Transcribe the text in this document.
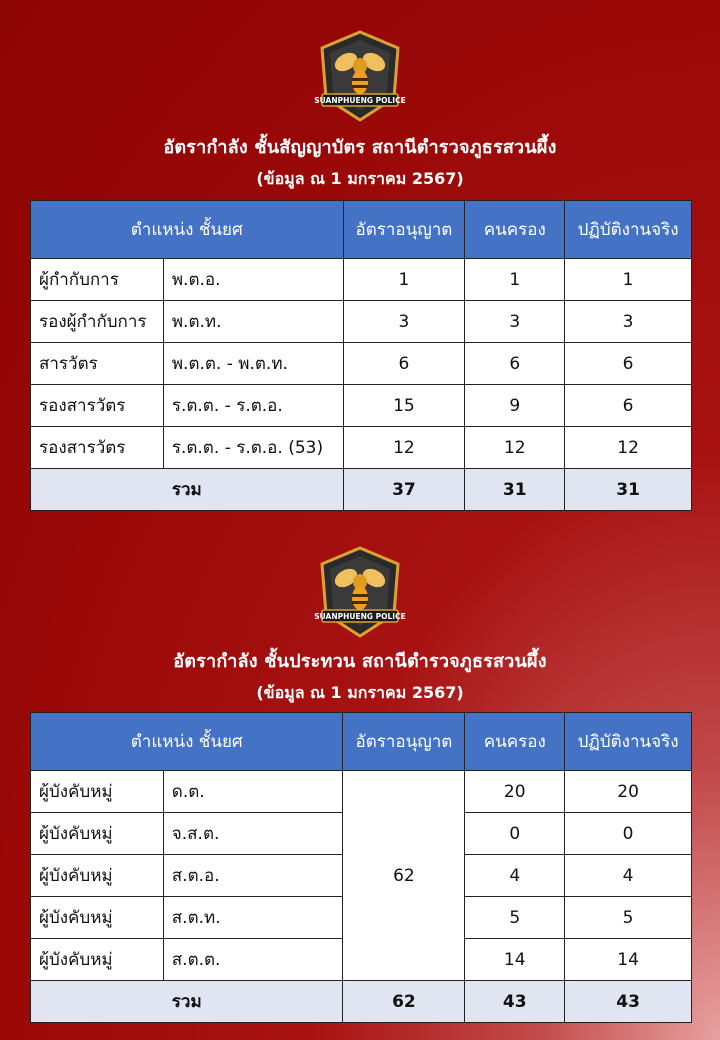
SUANPHUENG POLICE
อัตรากำลัง ชั้นสัญญาบัตร สถานีตำรวจภูธรสวนผึ้ง
(ข้อมูล ณ 1 มกราคม 2567)
ตำแหน่ง ชั้นยศ		อัตราอนุญาต	คนครอง	ปฏิบัติงานจริง
ผู้กำกับการ	พ.ต.อ.	1	1	1
รองผู้กำกับการ	พ.ต.ท.	3	3	3
สารวัตร	พ.ต.ต. - พ.ต.ท.	6	6	6
รองสารวัตร	ร.ต.ต. - ร.ต.อ.	15	9	6
รองสารวัตร	ร.ต.ต. - ร.ต.อ. (53)	12	12	12
รวม		37	31	31
SUANPHUENG POLICE
อัตรากำลัง ชั้นประทวน สถานีตำรวจภูธรสวนผึ้ง
(ข้อมูล ณ 1 มกราคม 2567)
ตำแหน่ง ชั้นยศ		อัตราอนุญาต	คนครอง	ปฏิบัติงานจริง
ผู้บังคับหมู่	ด.ต.	62	20	20
ผู้บังคับหมู่	จ.ส.ต.		0	0
ผู้บังคับหมู่	ส.ต.อ.		4	4
ผู้บังคับหมู่	ส.ต.ท.		5	5
ผู้บังคับหมู่	ส.ต.ต.		14	14
รวม		62	43	43
